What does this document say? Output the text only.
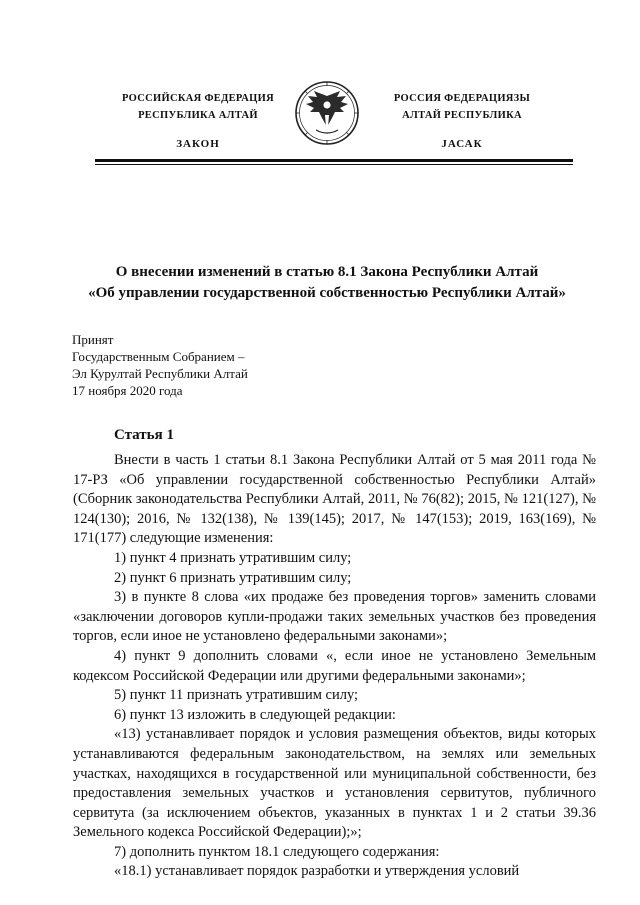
РОССИЙСКАЯ ФЕДЕРАЦИЯ
РЕСПУБЛИКА АЛТАЙ
ЗАКОН
РОССИЯ ФЕДЕРАЦИЯЗЫ
АЛТАЙ РЕСПУБЛИКА
JАСАК
О внесении изменений в статью 8.1 Закона Республики Алтай
«Об управлении государственной собственностью Республики Алтай»
Принят
Государственным Собранием –
Эл Курултай Республики Алтай
17 ноября 2020 года
Статья 1

Внести в часть 1 статьи 8.1 Закона Республики Алтай от 5 мая 2011 года № 17-РЗ «Об управлении государственной собственностью Республики Алтай» (Сборник законодательства Республики Алтай, 2011, № 76(82); 2015, № 121(127), № 124(130); 2016, № 132(138), № 139(145); 2017, № 147(153); 2019, 163(169), № 171(177) следующие изменения:

1) пункт 4 признать утратившим силу;

2) пункт 6 признать утратившим силу;

3) в пункте 8 слова «их продаже без проведения торгов» заменить словами «заключении договоров купли-продажи таких земельных участков без проведения торгов, если иное не установлено федеральными законами»;

4) пункт 9 дополнить словами «, если иное не установлено Земельным кодексом Российской Федерации или другими федеральными законами»;

5) пункт 11 признать утратившим силу;

6) пункт 13 изложить в следующей редакции:

«13) устанавливает порядок и условия размещения объектов, виды которых устанавливаются федеральным законодательством, на землях или земельных участках, находящихся в государственной или муниципальной собственности, без предоставления земельных участков и установления сервитутов, публичного сервитута (за исключением объектов, указанных в пунктах 1 и 2 статьи 39.36 Земельного кодекса Российской Федерации);»;

7) дополнить пунктом 18.1 следующего содержания:

«18.1) устанавливает порядок разработки и утверждения условий
